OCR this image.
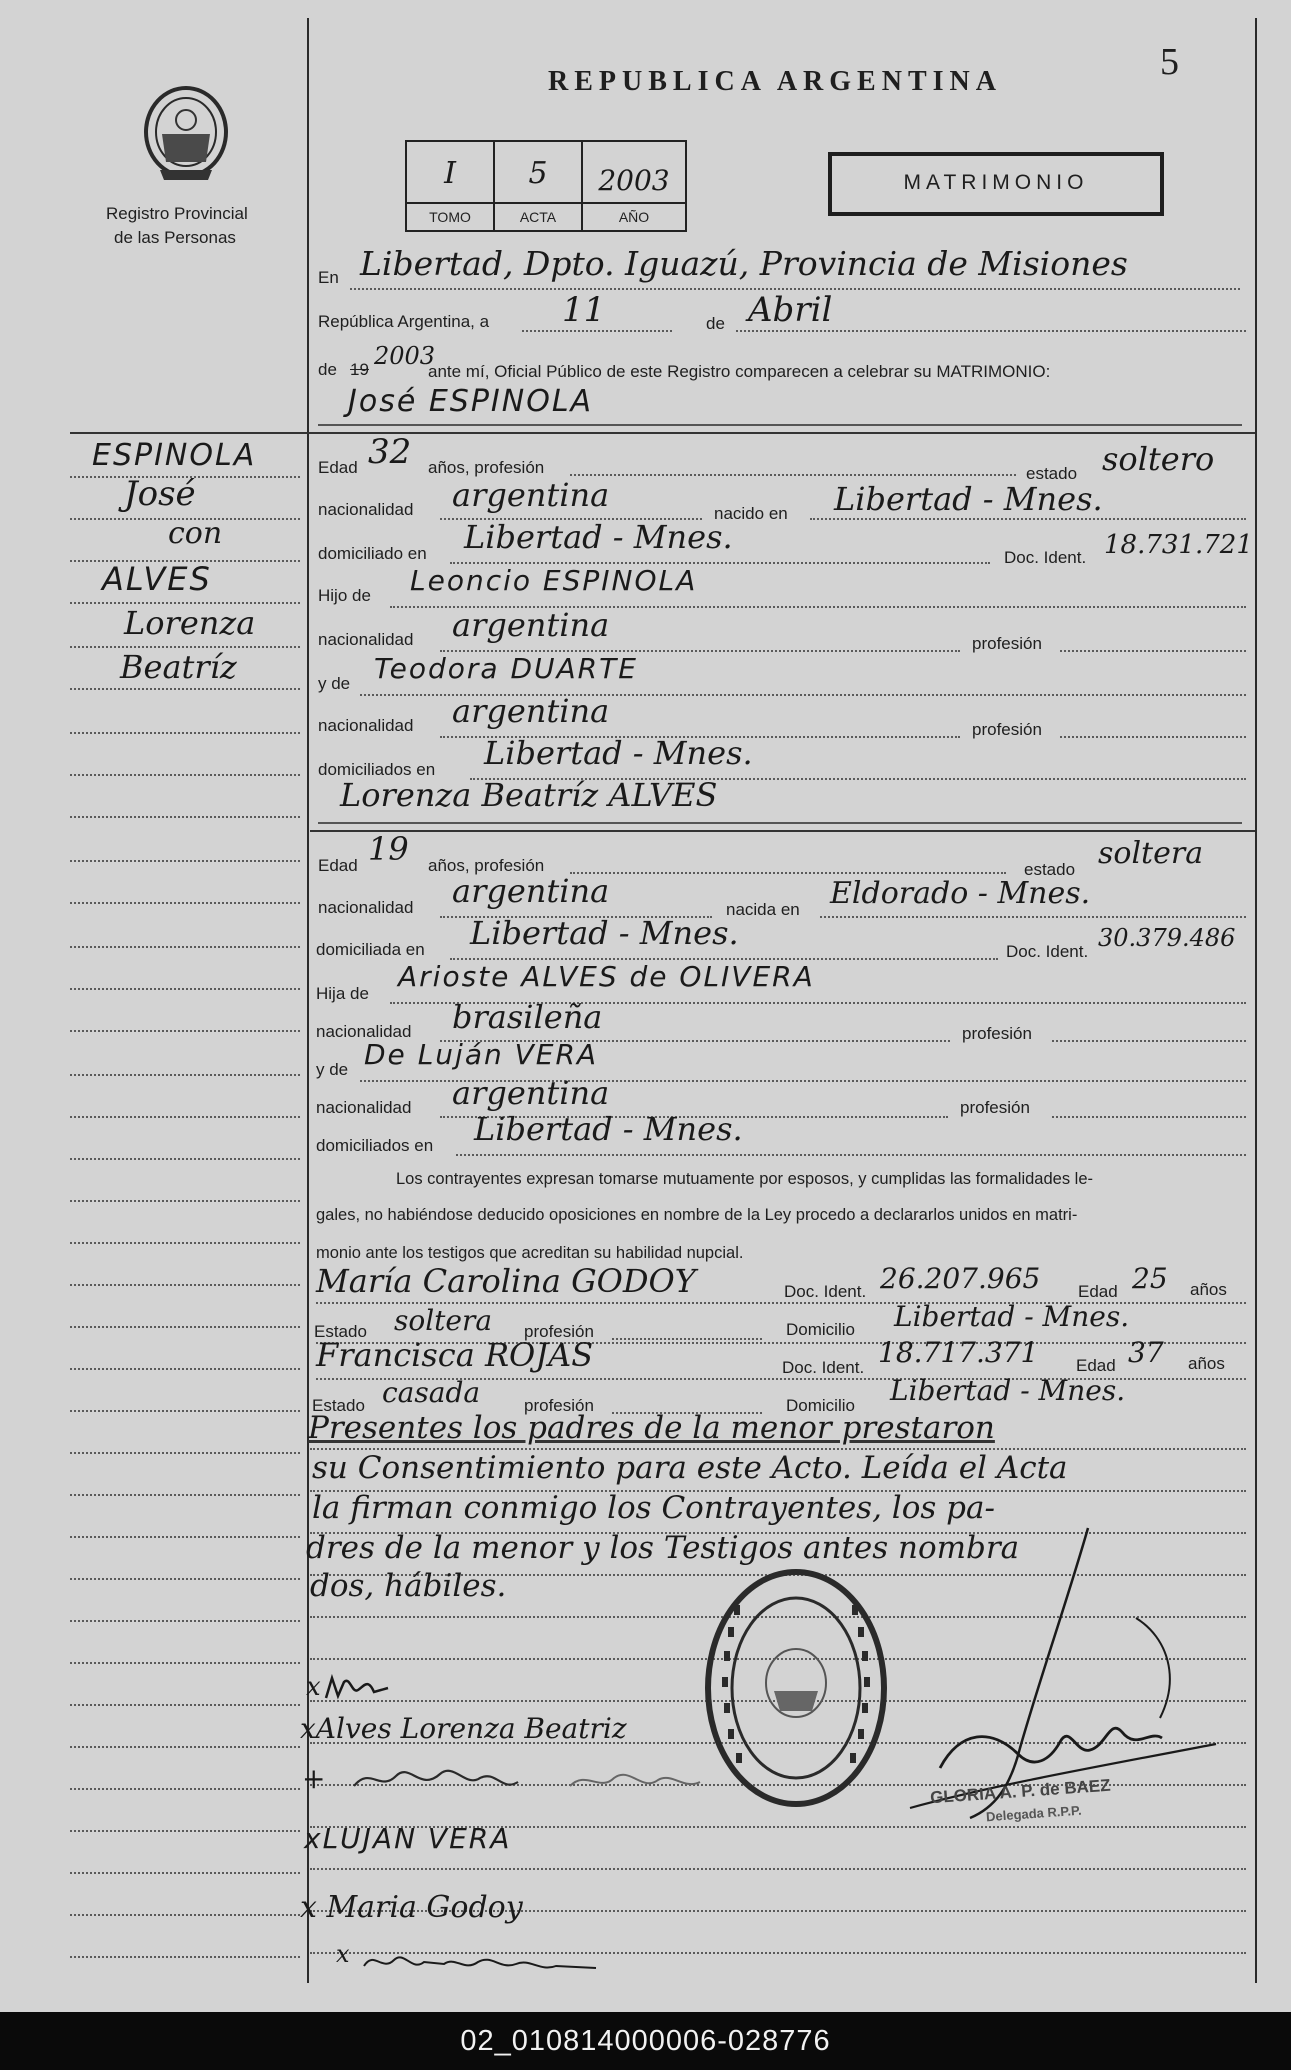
5
Registro Provincial
de las Personas
REPUBLICA ARGENTINA
I	5	2003
TOMO	ACTA	AÑO
MATRIMONIO
En Libertad, Dpto. Iguazú, Provincia de Misiones
República Argentina, a 11	de Abril
de 19 2003
ante mí, Oficial Público de este Registro comparecen a celebrar su MATRIMONIO:
José ESPINOLA
ESPINOLA
José
con
ALVES
Lorenza
Beatríz
Edad 32 años, profesión	estado soltero
nacionalidad argentina	nacido en Libertad - Mnes.
domiciliado en Libertad - Mnes.
Doc. Ident. 18.731.721
Hijo de Leoncio ESPINOLA
nacionalidad argentina	profesión
y de Teodora DUARTE
nacionalidad argentina	profesión
domiciliados en Libertad - Mnes.
Lorenza Beatríz ALVES
Edad 19 años, profesión	estado soltera
nacionalidad argentina	nacida en Eldorado - Mnes.
domiciliada en Libertad - Mnes.	Doc. Ident. 30.379.486
Hija de
Arioste ALVES de OLIVERA
nacionalidad brasileña	profesión
y de De Luján VERA
nacionalidad argentina	profesión
domiciliados en Libertad - Mnes.
Los contrayentes expresan tomarse mutuamente por esposos, y cumplidas las formalidades le-
gales, no habiéndose deducido oposiciones en nombre de la Ley procedo a declararlos unidos en matri-
monio ante los testigos que acreditan su habilidad nupcial.
María Carolina GODOY	Doc. Ident. 26.207.965 Edad 25 años
Estado soltera profesión	Domicilio Libertad - Mnes.
Francisca ROJAS	Doc. Ident. 18.717.371 Edad 37 años
Estado casada	profesión	Domicilio Libertad - Mnes.
Presentes los padres de la menor prestaron
su Consentimiento para este Acto. Leída el Acta
la firman conmigo los Contrayentes, los pa-
dres de la menor y los Testigos antes nombra
dos, hábiles.
x
xAlves Lorenza Beatriz
+
xLUJAN VERA
x Maria Godoy
x
GLORIA A. P. de BAEZ
Delegada R.P.P.
02_010814000006-028776
